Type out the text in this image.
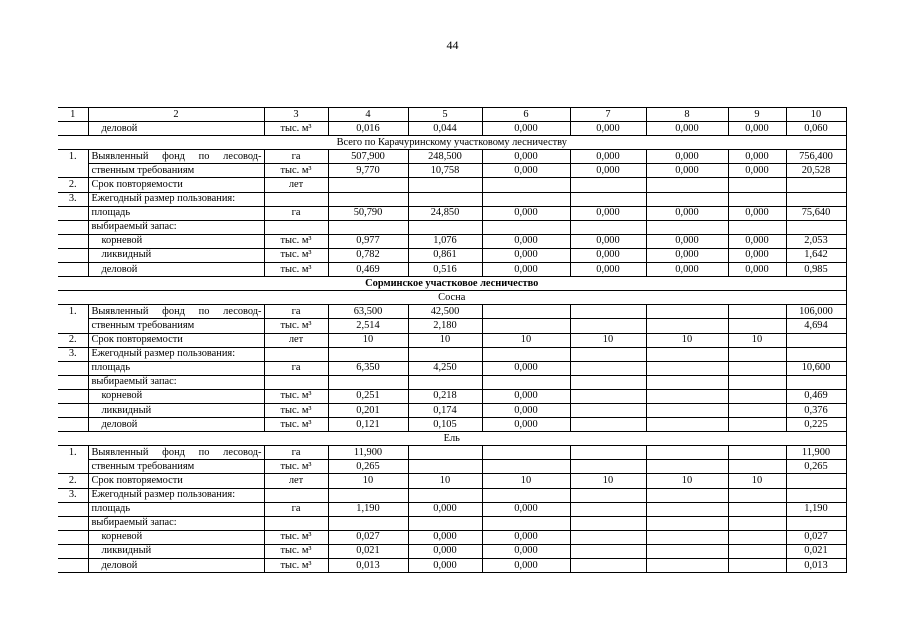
44
1	2	3	4	5	6	7	8	9	10
	деловой	тыс. м³	0,016	0,044	0,000	0,000	0,000	0,000	0,060
Всего по Карачуринскому участковому лесничеству									
1.	Выявленный фонд по лесовод-	га	507,900	248,500	0,000	0,000	0,000	0,000	756,400
	ственным требованиям	тыс. м³	9,770	10,758	0,000	0,000	0,000	0,000	20,528
2.	Срок повторяемости	лет							
3.	Ежегодный размер пользования:								
	площадь	га	50,790	24,850	0,000	0,000	0,000	0,000	75,640
	выбираемый запас:								
	корневой	тыс. м³	0,977	1,076	0,000	0,000	0,000	0,000	2,053
	ликвидный	тыс. м³	0,782	0,861	0,000	0,000	0,000	0,000	1,642
	деловой	тыс. м³	0,469	0,516	0,000	0,000	0,000	0,000	0,985
Сорминское участковое лесничество									
Сосна									
1.	Выявленный фонд по лесовод-	га	63,500	42,500					106,000
	ственным требованиям	тыс. м³	2,514	2,180					4,694
2.	Срок повторяемости	лет	10	10	10	10	10	10	
3.	Ежегодный размер пользования:								
	площадь	га	6,350	4,250	0,000				10,600
	выбираемый запас:								
	корневой	тыс. м³	0,251	0,218	0,000				0,469
	ликвидный	тыс. м³	0,201	0,174	0,000				0,376
	деловой	тыс. м³	0,121	0,105	0,000				0,225
Ель									
1.	Выявленный фонд по лесовод-	га	11,900						11,900
	ственным требованиям	тыс. м³	0,265						0,265
2.	Срок повторяемости	лет	10	10	10	10	10	10	
3.	Ежегодный размер пользования:								
	площадь	га	1,190	0,000	0,000				1,190
	выбираемый запас:								
	корневой	тыс. м³	0,027	0,000	0,000				0,027
	ликвидный	тыс. м³	0,021	0,000	0,000				0,021
	деловой	тыс. м³	0,013	0,000	0,000				0,013
